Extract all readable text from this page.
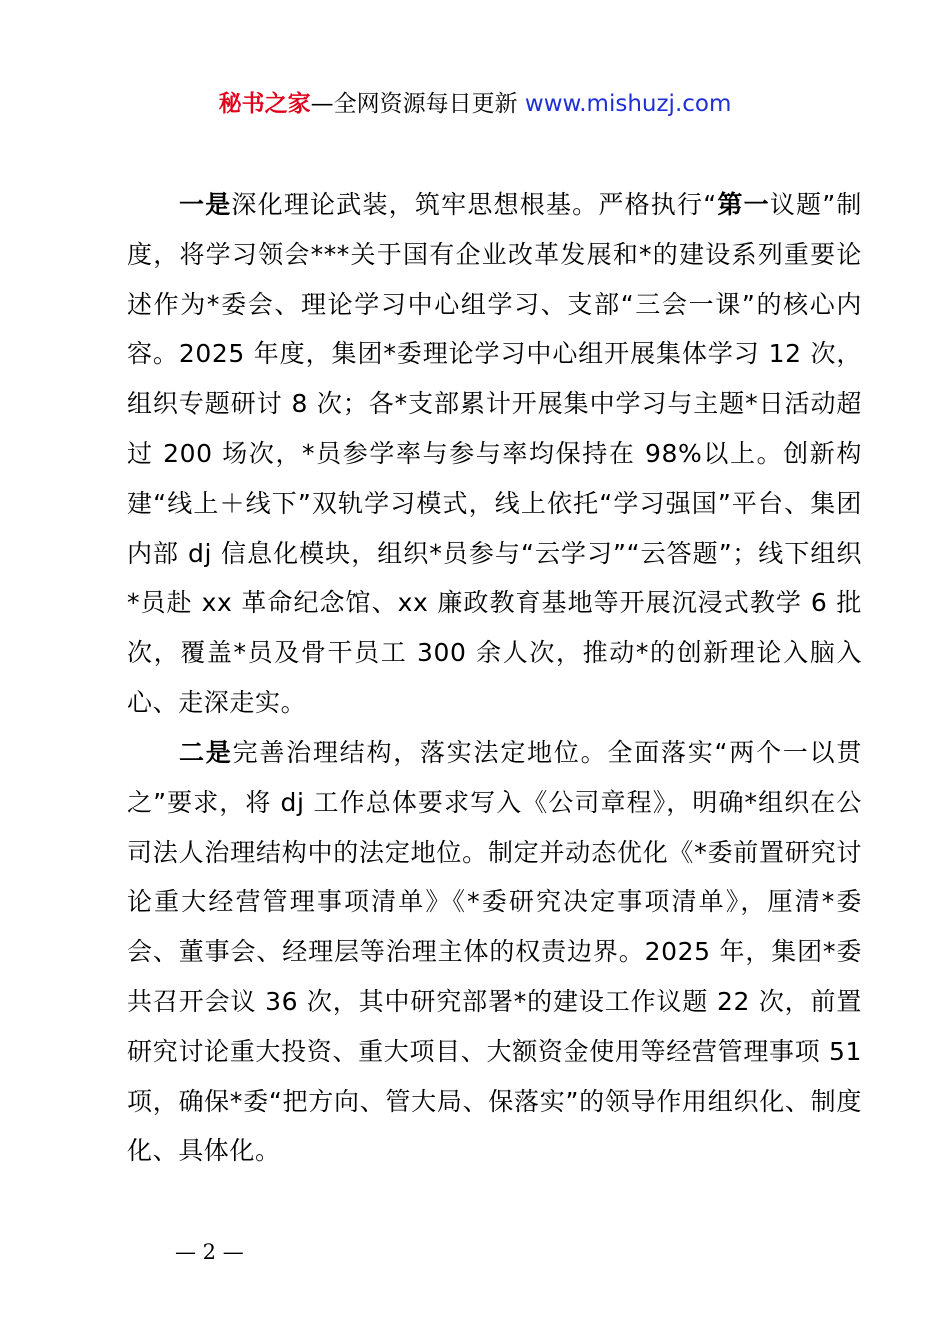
秘书之家—全网资源每日更新 www.mishuzj.com

一是深化理论武装，筑牢思想根基。严格执行“第一议题”制度，将学习领会***关于国有企业改革发展和*的建设系列重要论述作为*委会、理论学习中心组学习、支部“三会一课”的核心内容。2025 年度，集团*委理论学习中心组开展集体学习 12 次，组织专题研讨 8 次；各*支部累计开展集中学习与主题*日活动超过 200 场次，*员参学率与参与率均保持在 98%以上。创新构建“线上＋线下”双轨学习模式，线上依托“学习强国”平台、集团内部 dj 信息化模块，组织*员参与“云学习”“云答题”；线下组织*员赴 xx 革命纪念馆、xx 廉政教育基地等开展沉浸式教学 6 批次，覆盖*员及骨干员工 300 余人次，推动*的创新理论入脑入心、走深走实。

二是完善治理结构，落实法定地位。全面落实“两个一以贯之”要求，将 dj 工作总体要求写入《公司章程》，明确*组织在公司法人治理结构中的法定地位。制定并动态优化《*委前置研究讨论重大经营管理事项清单》《*委研究决定事项清单》，厘清*委会、董事会、经理层等治理主体的权责边界。2025 年，集团*委共召开会议 36 次，其中研究部署*的建设工作议题 22 次，前置研究讨论重大投资、重大项目、大额资金使用等经营管理事项 51 项，确保*委“把方向、管大局、保落实”的领导作用组织化、制度化、具体化。

— 2 —
